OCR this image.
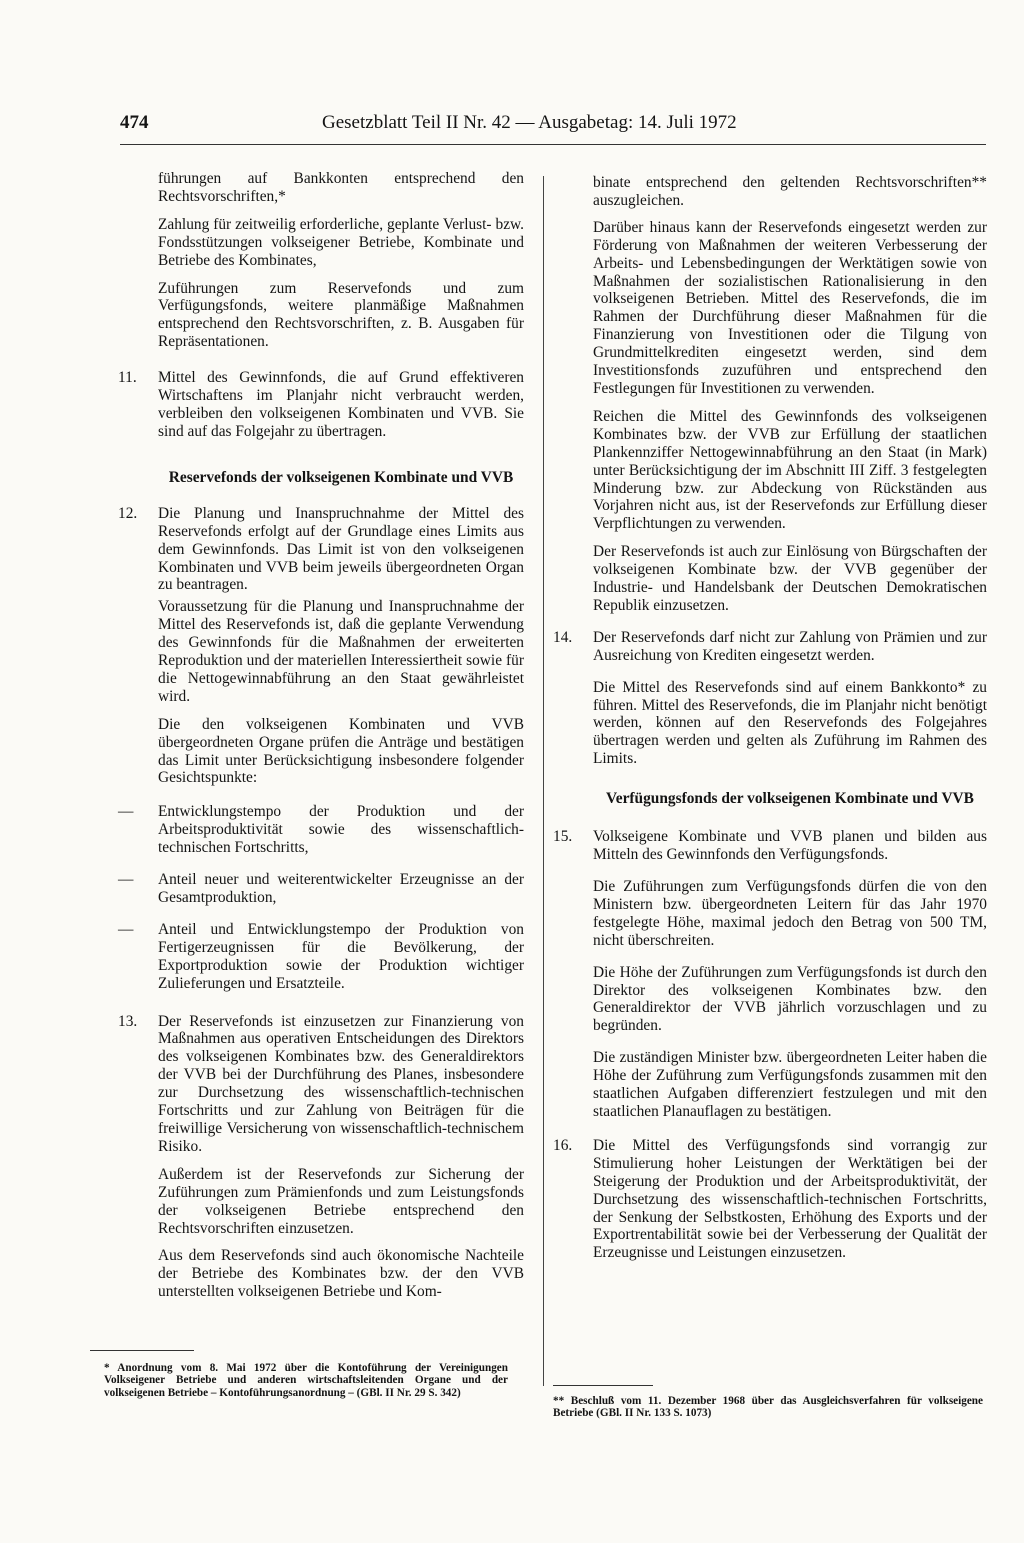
474	Gesetzblatt Teil II Nr. 42 — Ausgabetag: 14. Juli 1972

führungen auf Bankkonten entsprechend den Rechtsvorschriften,*

Zahlung für zeitweilig erforderliche, geplante Verlust- bzw. Fondsstützungen volkseigener Betriebe, Kombinate und Betriebe des Kombinates,

Zuführungen zum Reservefonds und zum Verfügungsfonds, weitere planmäßige Maßnahmen entsprechend den Rechtsvorschriften, z. B. Ausgaben für Repräsentationen.

11. Mittel des Gewinnfonds, die auf Grund effektiveren Wirtschaftens im Planjahr nicht verbraucht werden, verbleiben den volkseigenen Kombinaten und VVB. Sie sind auf das Folgejahr zu übertragen.

Reservefonds der volkseigenen Kombinate und VVB
12. Die Planung und Inanspruchnahme der Mittel des Reservefonds erfolgt auf der Grundlage eines Limits aus dem Gewinnfonds. Das Limit ist von den volkseigenen Kombinaten und VVB beim jeweils übergeordneten Organ zu beantragen.

Voraussetzung für die Planung und Inanspruchnahme der Mittel des Reservefonds ist, daß die geplante Verwendung des Gewinnfonds für die Maßnahmen der erweiterten Reproduktion und der materiellen Interessiertheit sowie für die Nettogewinnabführung an den Staat gewährleistet wird.

Die den volkseigenen Kombinaten und VVB übergeordneten Organe prüfen die Anträge und bestätigen das Limit unter Berücksichtigung insbesondere folgender Gesichtspunkte:

— Entwicklungstempo der Produktion und der Arbeitsproduktivität sowie des wissenschaftlich-technischen Fortschritts,
— Anteil neuer und weiterentwickelter Erzeugnisse an der Gesamtproduktion,
— Anteil und Entwicklungstempo der Produktion von Fertigerzeugnissen für die Bevölkerung, der Exportproduktion sowie der Produktion wichtiger Zulieferungen und Ersatzteile.
13. Der Reservefonds ist einzusetzen zur Finanzierung von Maßnahmen aus operativen Entscheidungen des Direktors des volkseigenen Kombinates bzw. des Generaldirektors der VVB bei der Durchführung des Planes, insbesondere zur Durchsetzung des wissenschaftlich-technischen Fortschritts und zur Zahlung von Beiträgen für die freiwillige Versicherung von wissenschaftlich-technischem Risiko.

Außerdem ist der Reservefonds zur Sicherung der Zuführungen zum Prämienfonds und zum Leistungsfonds der volkseigenen Betriebe entsprechend den Rechtsvorschriften einzusetzen.

Aus dem Reservefonds sind auch ökonomische Nachteile der Betriebe des Kombinates bzw. der den VVB unterstellten volkseigenen Betriebe und Kom-

* Anordnung vom 8. Mai 1972 über die Kontoführung der Vereinigungen Volkseigener Betriebe und anderen wirtschaftsleitenden Organe und der volkseigenen Betriebe – Kontoführungsanordnung – (GBl. II Nr. 29 S. 342)

binate entsprechend den geltenden Rechtsvorschriften** auszugleichen.

Darüber hinaus kann der Reservefonds eingesetzt werden zur Förderung von Maßnahmen der weiteren Verbesserung der Arbeits- und Lebensbedingungen der Werktätigen sowie von Maßnahmen der sozialistischen Rationalisierung in den volkseigenen Betrieben. Mittel des Reservefonds, die im Rahmen der Durchführung dieser Maßnahmen für die Finanzierung von Investitionen oder die Tilgung von Grundmittelkrediten eingesetzt werden, sind dem Investitionsfonds zuzuführen und entsprechend den Festlegungen für Investitionen zu verwenden.

Reichen die Mittel des Gewinnfonds des volkseigenen Kombinates bzw. der VVB zur Erfüllung der staatlichen Plankennziffer Nettogewinnabführung an den Staat (in Mark) unter Berücksichtigung der im Abschnitt III Ziff. 3 festgelegten Minderung bzw. zur Abdeckung von Rückständen aus Vorjahren nicht aus, ist der Reservefonds zur Erfüllung dieser Verpflichtungen zu verwenden.

Der Reservefonds ist auch zur Einlösung von Bürgschaften der volkseigenen Kombinate bzw. der VVB gegenüber der Industrie- und Handelsbank der Deutschen Demokratischen Republik einzusetzen.

14. Der Reservefonds darf nicht zur Zahlung von Prämien und zur Ausreichung von Krediten eingesetzt werden.

Die Mittel des Reservefonds sind auf einem Bankkonto* zu führen. Mittel des Reservefonds, die im Planjahr nicht benötigt werden, können auf den Reservefonds des Folgejahres übertragen werden und gelten als Zuführung im Rahmen des Limits.

Verfügungsfonds der volkseigenen Kombinate und VVB
15. Volkseigene Kombinate und VVB planen und bilden aus Mitteln des Gewinnfonds den Verfügungsfonds.

Die Zuführungen zum Verfügungsfonds dürfen die von den Ministern bzw. übergeordneten Leitern für das Jahr 1970 festgelegte Höhe, maximal jedoch den Betrag von 500 TM, nicht überschreiten.

Die Höhe der Zuführungen zum Verfügungsfonds ist durch den Direktor des volkseigenen Kombinates bzw. den Generaldirektor der VVB jährlich vorzuschlagen und zu begründen.

Die zuständigen Minister bzw. übergeordneten Leiter haben die Höhe der Zuführung zum Verfügungsfonds zusammen mit den staatlichen Aufgaben differenziert festzulegen und mit den staatlichen Planauflagen zu bestätigen.

16. Die Mittel des Verfügungsfonds sind vorrangig zur Stimulierung hoher Leistungen der Werktätigen bei der Steigerung der Produktion und der Arbeitsproduktivität, der Durchsetzung des wissenschaftlich-technischen Fortschritts, der Senkung der Selbstkosten, Erhöhung des Exports und der Exportrentabilität sowie bei der Verbesserung der Qualität der Erzeugnisse und Leistungen einzusetzen.

** Beschluß vom 11. Dezember 1968 über das Ausgleichsverfahren für volkseigene Betriebe (GBl. II Nr. 133 S. 1073)
